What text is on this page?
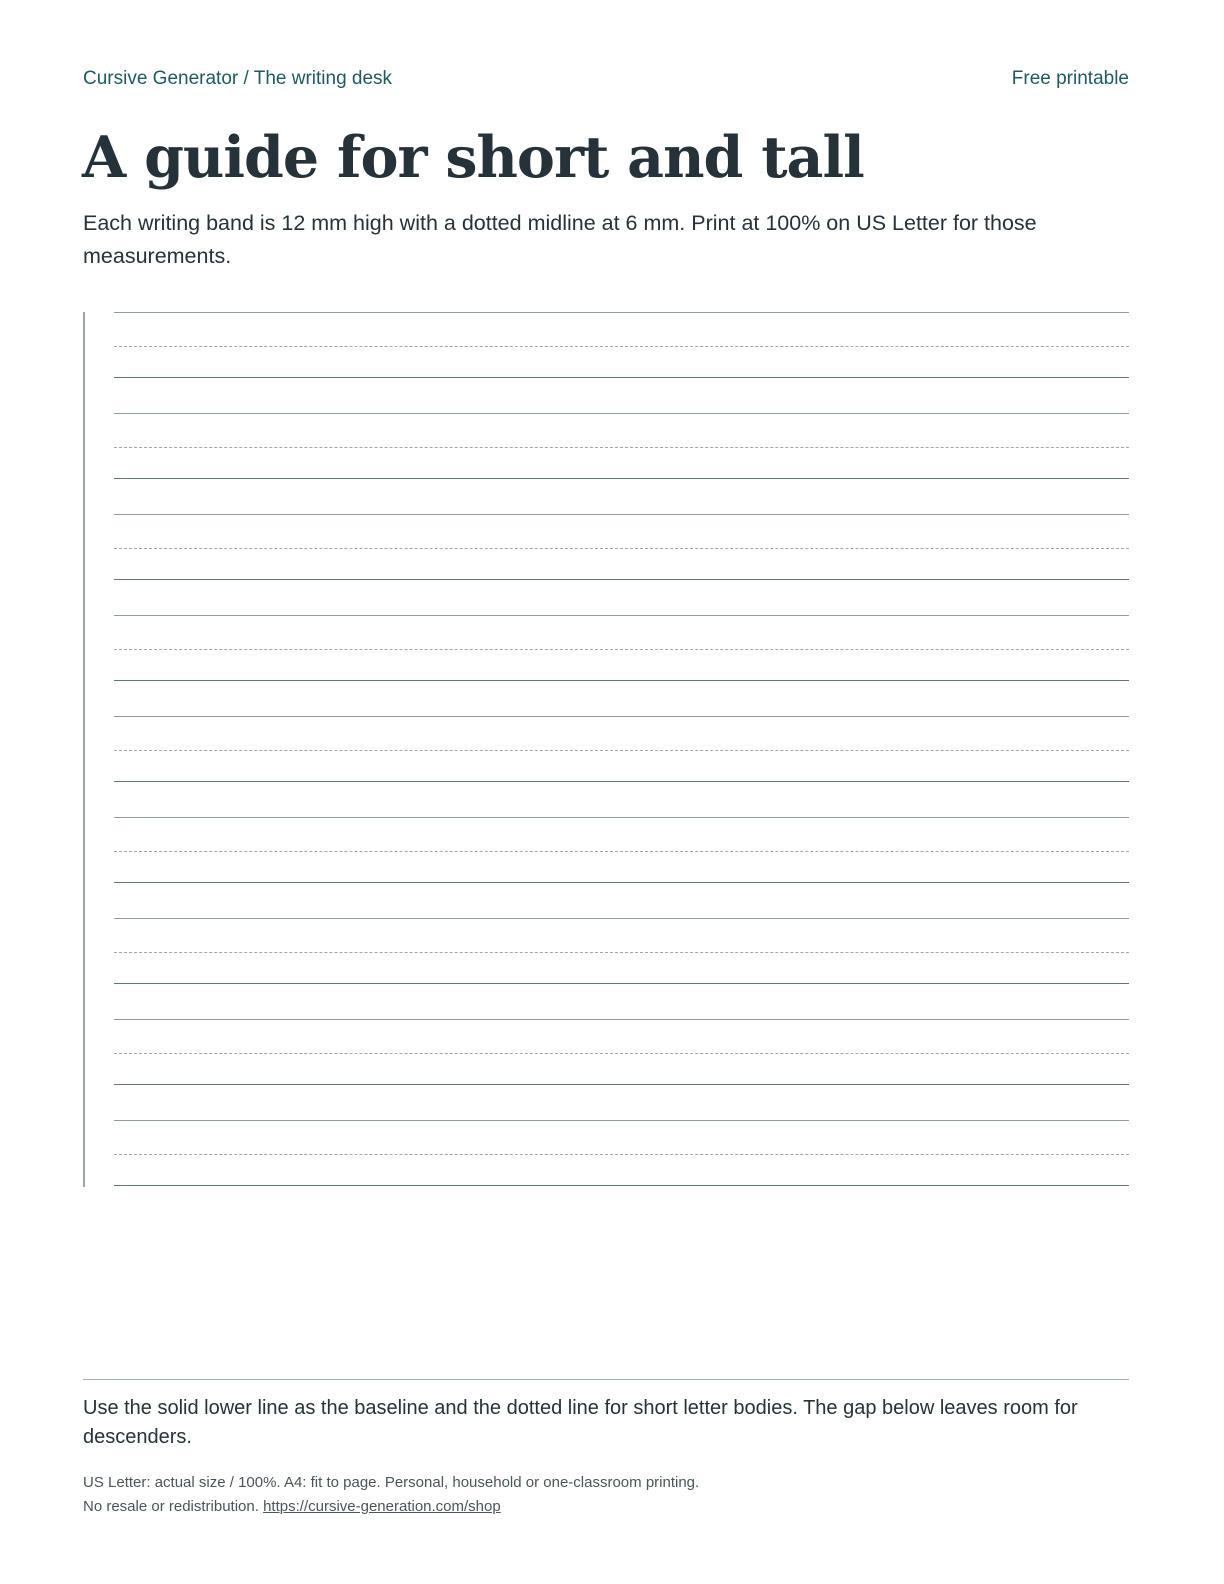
Cursive Generator / The writing desk	Free printable
A guide for short and tall

Each writing band is 12 mm high with a dotted midline at 6 mm. Print at 100% on US Letter for those measurements.

Use the solid lower line as the baseline and the dotted line for short letter bodies. The gap below leaves room for descenders.

US Letter: actual size / 100%. A4: fit to page. Personal, household or one-classroom printing.
No resale or redistribution. https://cursive-generation.com/shop
